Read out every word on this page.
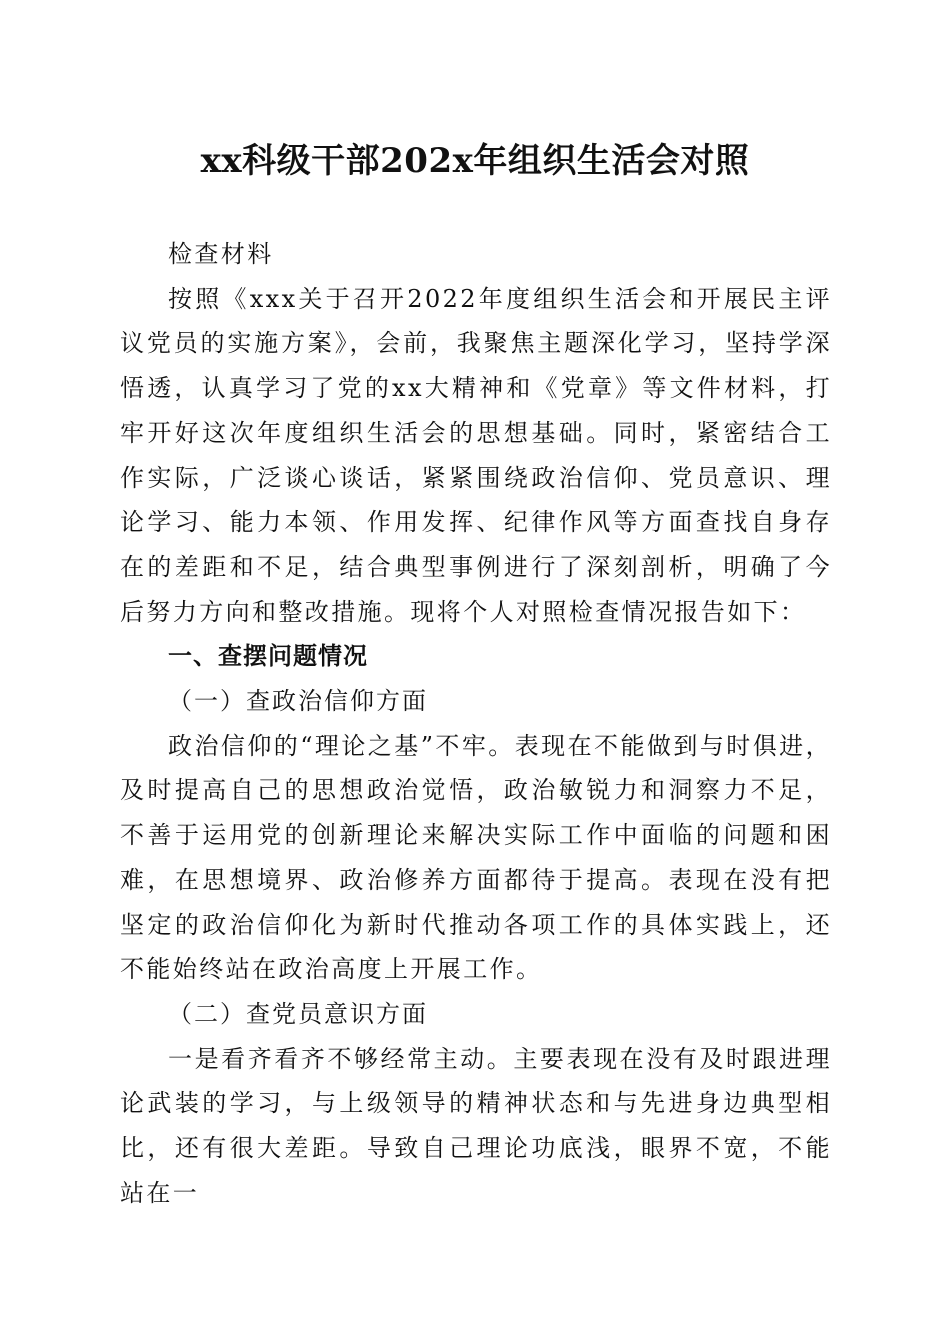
xx科级干部202x年组织生活会对照

检查材料

按照《xxx关于召开2022年度组织生活会和开展民主评议党员的实施方案》，会前，我聚焦主题深化学习，坚持学深悟透，认真学习了党的xx大精神和《党章》等文件材料，打牢开好这次年度组织生活会的思想基础。同时，紧密结合工作实际，广泛谈心谈话，紧紧围绕政治信仰、党员意识、理论学习、能力本领、作用发挥、纪律作风等方面查找自身存在的差距和不足，结合典型事例进行了深刻剖析，明确了今后努力方向和整改措施。现将个人对照检查情况报告如下：

一、查摆问题情况

（一）查政治信仰方面

政治信仰的“理论之基”不牢。表现在不能做到与时俱进，及时提高自己的思想政治觉悟，政治敏锐力和洞察力不足，不善于运用党的创新理论来解决实际工作中面临的问题和困难，在思想境界、政治修养方面都待于提高。表现在没有把坚定的政治信仰化为新时代推动各项工作的具体实践上，还不能始终站在政治高度上开展工作。

（二）查党员意识方面

一是看齐看齐不够经常主动。主要表现在没有及时跟进理论武装的学习，与上级领导的精神状态和与先进身边典型相比，还有很大差距。导致自己理论功底浅，眼界不宽，不能站在一
